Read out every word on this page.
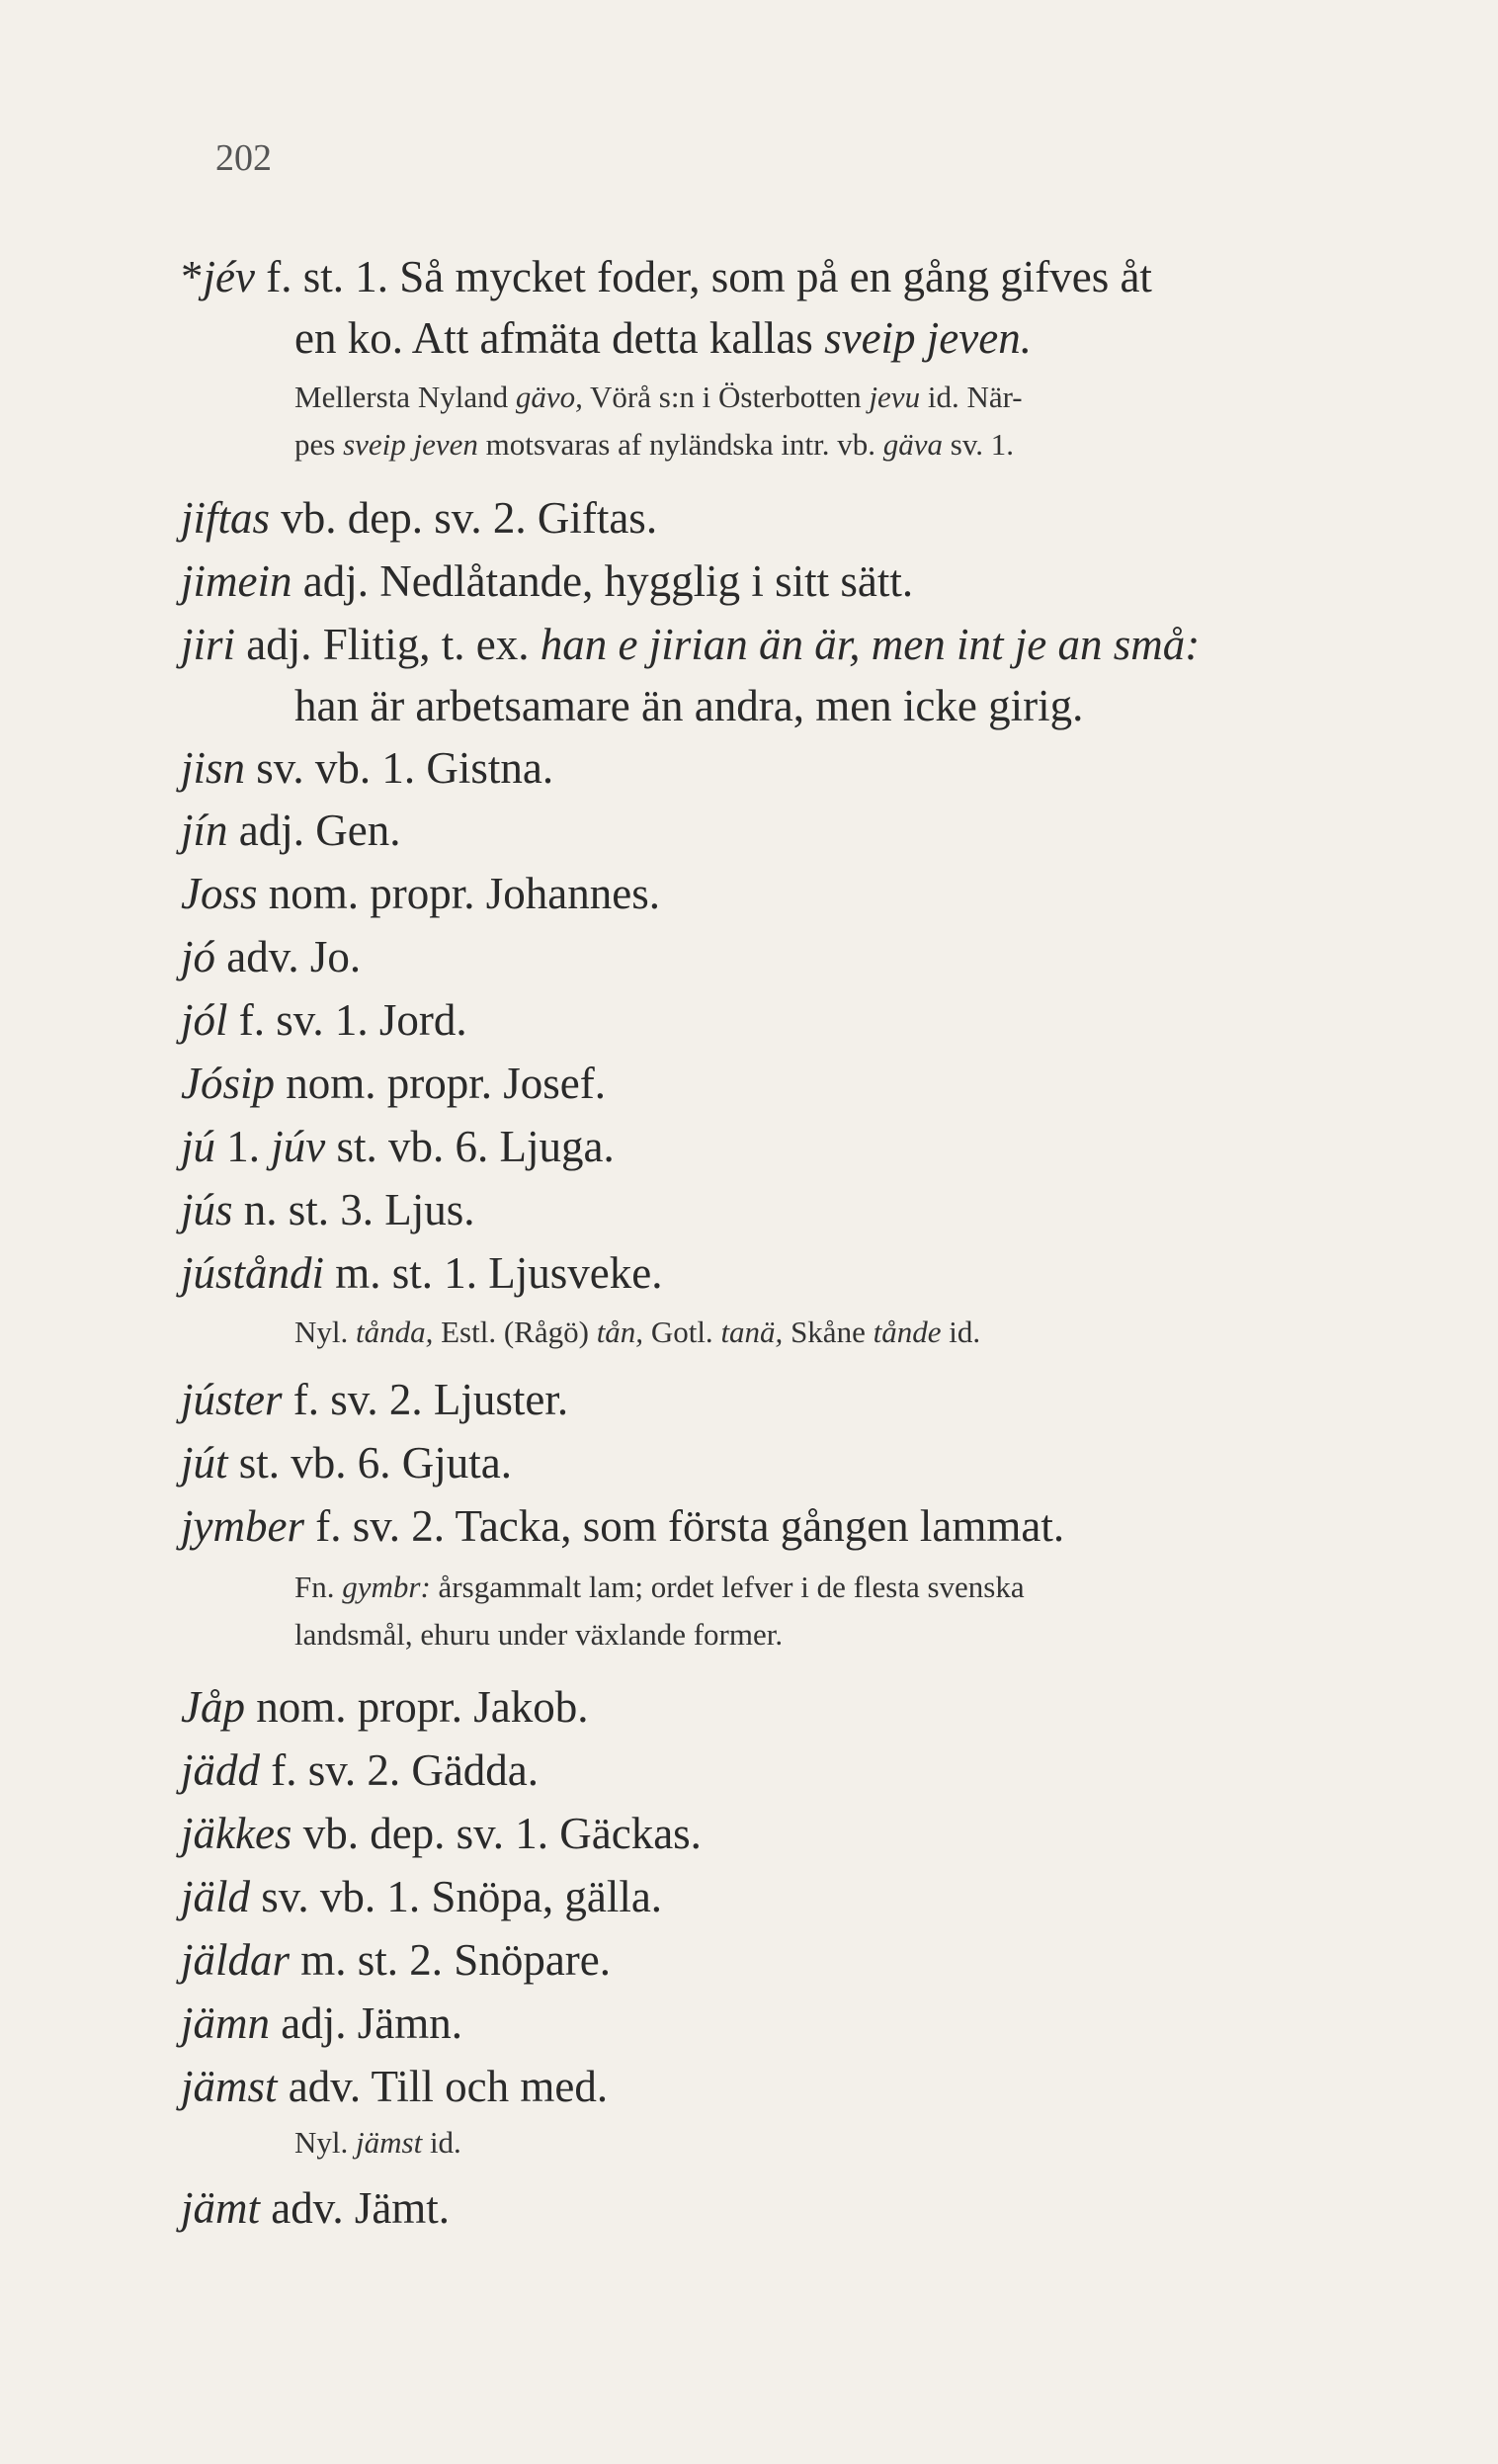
202
*jév f. st. 1. Så mycket foder, som på en gång gifves åt
en ko. Att afmäta detta kallas sveip jeven.
Mellersta Nyland gävo, Vörå s:n i Österbotten jevu id. När-
pes sveip jeven motsvaras af nyländska intr. vb. gäva sv. 1.
jiftas vb. dep. sv. 2. Giftas.
jimein adj. Nedlåtande, hygglig i sitt sätt.
jiri adj. Flitig, t. ex. han e jirian än är, men int je an små:
han är arbetsamare än andra, men icke girig.
jisn sv. vb. 1. Gistna.
jín adj. Gen.
Joss nom. propr. Johannes.
jó adv. Jo.
jól f. sv. 1. Jord.
Jósip nom. propr. Josef.
jú 1. júv st. vb. 6. Ljuga.
jús n. st. 3. Ljus.
júståndi m. st. 1. Ljusveke.
Nyl. tånda, Estl. (Rågö) tån, Gotl. tanä, Skåne tånde id.
júster f. sv. 2. Ljuster.
jút st. vb. 6. Gjuta.
jymber f. sv. 2. Tacka, som första gången lammat.
Fn. gymbr: årsgammalt lam; ordet lefver i de flesta svenska
landsmål, ehuru under växlande former.
Jåp nom. propr. Jakob.
jädd f. sv. 2. Gädda.
jäkkes vb. dep. sv. 1. Gäckas.
jäld sv. vb. 1. Snöpa, gälla.
jäldar m. st. 2. Snöpare.
jämn adj. Jämn.
jämst adv. Till och med.
Nyl. jämst id.
jämt adv. Jämt.
